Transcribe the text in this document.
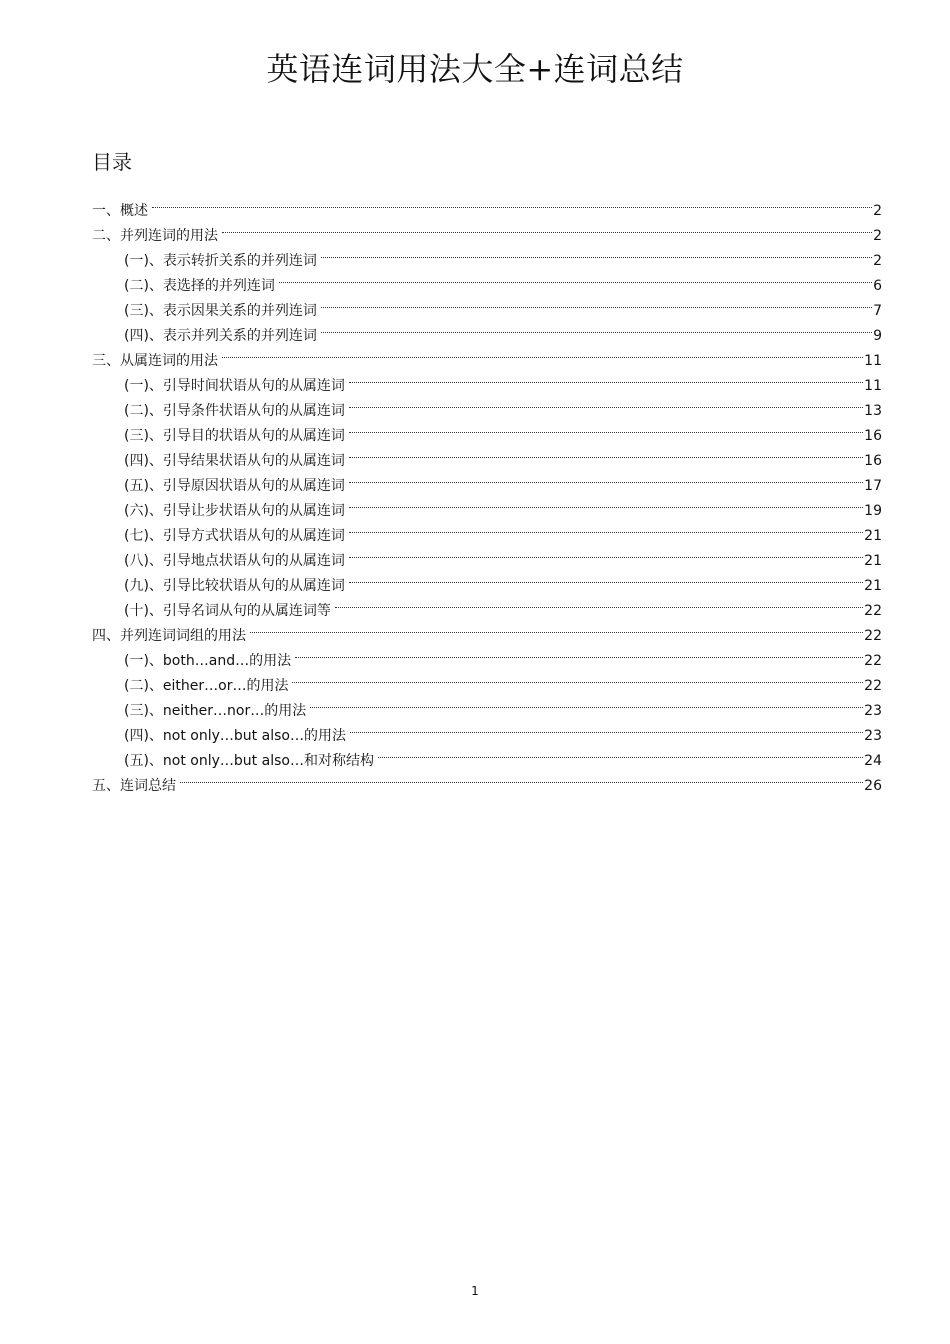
英语连词用法大全+连词总结
目录
一、概述	2
二、并列连词的用法	2
(一)、表示转折关系的并列连词	2
(二)、表选择的并列连词	6
(三)、表示因果关系的并列连词	7
(四)、表示并列关系的并列连词	9
三、从属连词的用法	11
(一)、引导时间状语从句的从属连词	11
(二)、引导条件状语从句的从属连词	13
(三)、引导目的状语从句的从属连词	16
(四)、引导结果状语从句的从属连词	16
(五)、引导原因状语从句的从属连词	17
(六)、引导让步状语从句的从属连词	19
(七)、引导方式状语从句的从属连词	21
(八)、引导地点状语从句的从属连词	21
(九)、引导比较状语从句的从属连词	21
(十)、引导名词从句的从属连词等	22
四、并列连词词组的用法	22
(一)、both…and…的用法	22
(二)、either…or…的用法	22
(三)、neither…nor…的用法	23
(四)、not only…but also…的用法	23
(五)、not only…but also…和对称结构	24
五、连词总结	26
1
